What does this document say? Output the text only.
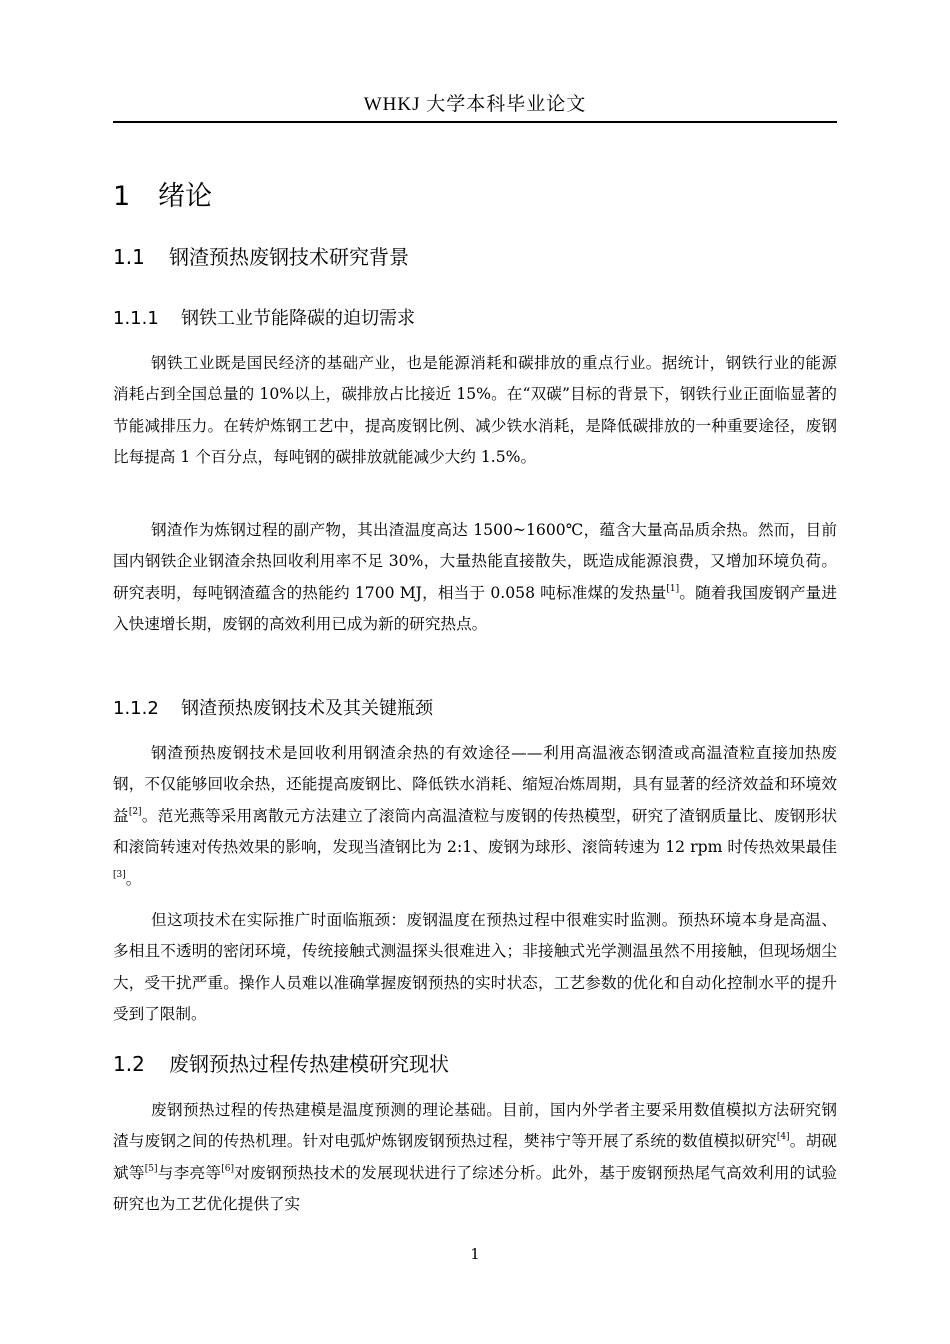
WHKJ 大学本科毕业论文
1 绪论
1.1 钢渣预热废钢技术研究背景
1.1.1 钢铁工业节能降碳的迫切需求

钢铁工业既是国民经济的基础产业，也是能源消耗和碳排放的重点行业。据统计，钢铁行业的能源消耗占到全国总量的 10%以上，碳排放占比接近 15%。在“双碳”目标的背景下，钢铁行业正面临显著的节能减排压力。在转炉炼钢工艺中，提高废钢比例、减少铁水消耗，是降低碳排放的一种重要途径，废钢比每提高 1 个百分点，每吨钢的碳排放就能减少大约 1.5%。

钢渣作为炼钢过程的副产物，其出渣温度高达 1500~1600℃，蕴含大量高品质余热。然而，目前国内钢铁企业钢渣余热回收利用率不足 30%，大量热能直接散失，既造成能源浪费，又增加环境负荷。研究表明，每吨钢渣蕴含的热能约 1700 MJ，相当于 0.058 吨标准煤的发热量[1]。随着我国废钢产量进入快速增长期，废钢的高效利用已成为新的研究热点。

1.1.2 钢渣预热废钢技术及其关键瓶颈

钢渣预热废钢技术是回收利用钢渣余热的有效途径——利用高温液态钢渣或高温渣粒直接加热废钢，不仅能够回收余热，还能提高废钢比、降低铁水消耗、缩短冶炼周期，具有显著的经济效益和环境效益[2]。范光燕等采用离散元方法建立了滚筒内高温渣粒与废钢的传热模型，研究了渣钢质量比、废钢形状和滚筒转速对传热效果的影响，发现当渣钢比为 2:1、废钢为球形、滚筒转速为 12 rpm 时传热效果最佳[3]。

但这项技术在实际推广时面临瓶颈：废钢温度在预热过程中很难实时监测。预热环境本身是高温、多相且不透明的密闭环境，传统接触式测温探头很难进入；非接触式光学测温虽然不用接触，但现场烟尘大，受干扰严重。操作人员难以准确掌握废钢预热的实时状态，工艺参数的优化和自动化控制水平的提升受到了限制。

1.2 废钢预热过程传热建模研究现状

废钢预热过程的传热建模是温度预测的理论基础。目前，国内外学者主要采用数值模拟方法研究钢渣与废钢之间的传热机理。针对电弧炉炼钢废钢预热过程，樊祎宁等开展了系统的数值模拟研究[4]。胡砚斌等[5]与李亮等[6]对废钢预热技术的发展现状进行了综述分析。此外，基于废钢预热尾气高效利用的试验研究也为工艺优化提供了实

1
